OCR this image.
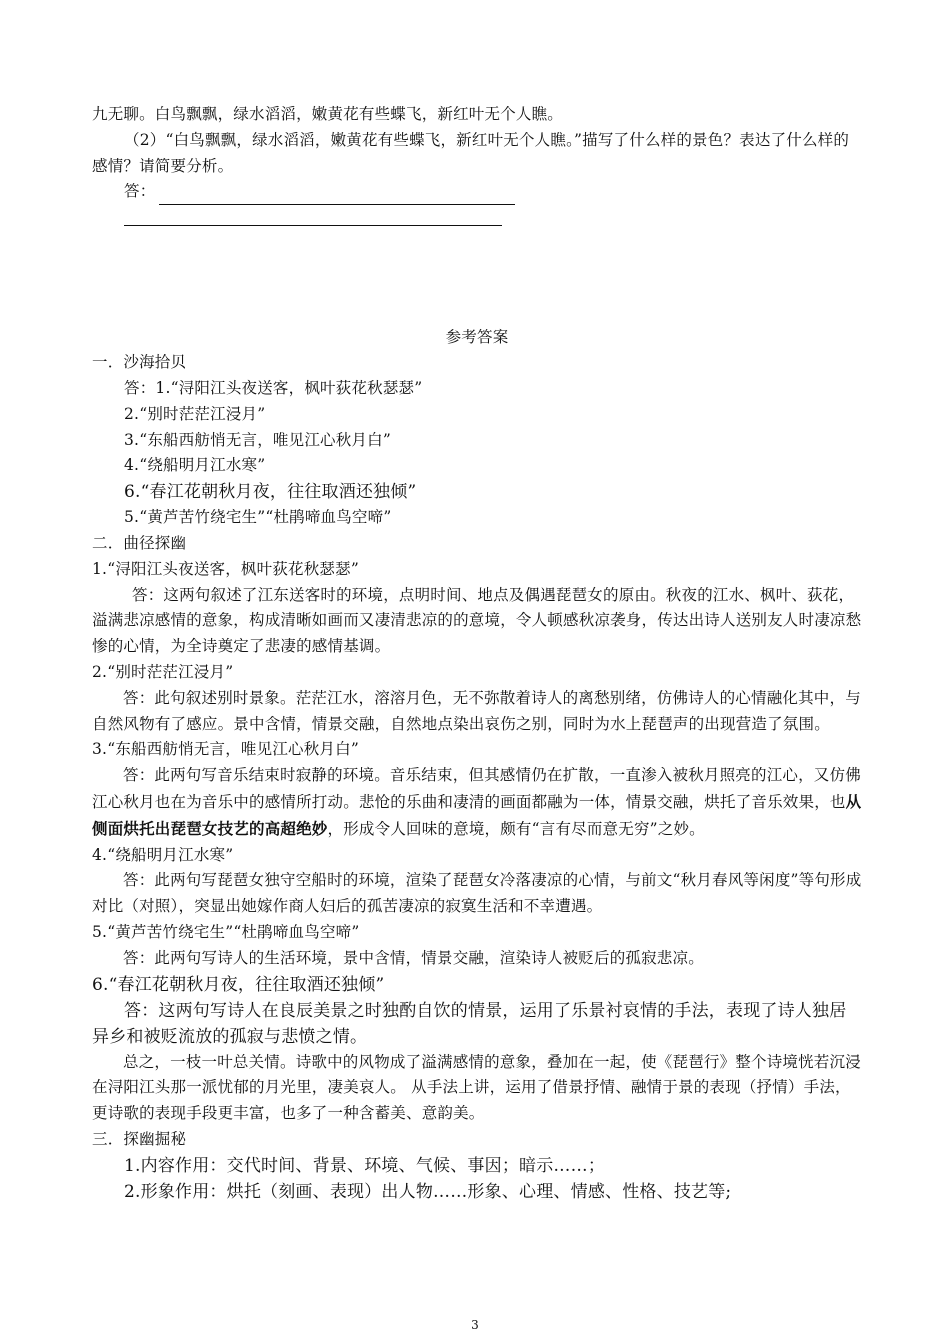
九无聊。白鸟飘飘，绿水滔滔，嫩黄花有些蝶飞，新红叶无个人瞧。

（2）“白鸟飘飘，绿水滔滔，嫩黄花有些蝶飞，新红叶无个人瞧。”描写了什么样的景色？表达了什么样的感情？请简要分析。

答：

参考答案

一．沙海拾贝

答：1.“浔阳江头夜送客，枫叶荻花秋瑟瑟”

2.“别时茫茫江浸月”

3.“东船西舫悄无言，唯见江心秋月白”

4.“绕船明月江水寒”

6.“春江花朝秋月夜，往往取酒还独倾”

5.“黄芦苦竹绕宅生”“杜鹃啼血鸟空啼”

二．曲径探幽

1.“浔阳江头夜送客，枫叶荻花秋瑟瑟”

答：这两句叙述了江东送客时的环境，点明时间、地点及偶遇琵琶女的原由。秋夜的江水、枫叶、荻花，溢满悲凉感情的意象，构成清晰如画而又凄清悲凉的的意境，令人顿感秋凉袭身，传达出诗人送别友人时凄凉愁惨的心情，为全诗奠定了悲凄的感情基调。

2.“别时茫茫江浸月”

答：此句叙述别时景象。茫茫江水，溶溶月色，无不弥散着诗人的离愁别绪，仿佛诗人的心情融化其中，与自然风物有了感应。景中含情，情景交融，自然地点染出哀伤之别，同时为水上琵琶声的出现营造了氛围。

3.“东船西舫悄无言，唯见江心秋月白”

答：此两句写音乐结束时寂静的环境。音乐结束，但其感情仍在扩散，一直渗入被秋月照亮的江心，又仿佛江心秋月也在为音乐中的感情所打动。悲怆的乐曲和凄清的画面都融为一体，情景交融，烘托了音乐效果，也从侧面烘托出琵琶女技艺的高超绝妙，形成令人回味的意境，颇有“言有尽而意无穷”之妙。

4.“绕船明月江水寒”

答：此两句写琵琶女独守空船时的环境，渲染了琵琶女冷落凄凉的心情，与前文“秋月春风等闲度”等句形成对比（对照），突显出她嫁作商人妇后的孤苦凄凉的寂寞生活和不幸遭遇。

5.“黄芦苦竹绕宅生”“杜鹃啼血鸟空啼”

答：此两句写诗人的生活环境，景中含情，情景交融，渲染诗人被贬后的孤寂悲凉。

6.“春江花朝秋月夜，往往取酒还独倾”

答：这两句写诗人在良辰美景之时独酌自饮的情景，运用了乐景衬哀情的手法，表现了诗人独居异乡和被贬流放的孤寂与悲愤之情。

总之，一枝一叶总关情。诗歌中的风物成了溢满感情的意象，叠加在一起，使《琵琶行》整个诗境恍若沉浸在浔阳江头那一派忧郁的月光里，凄美哀人。 从手法上讲，运用了借景抒情、融情于景的表现（抒情）手法，更诗歌的表现手段更丰富，也多了一种含蓄美、意韵美。

三．探幽掘秘

1.内容作用：交代时间、背景、环境、气候、事因；暗示……；

2.形象作用：烘托（刻画、表现）出人物……形象、心理、情感、性格、技艺等;

3
